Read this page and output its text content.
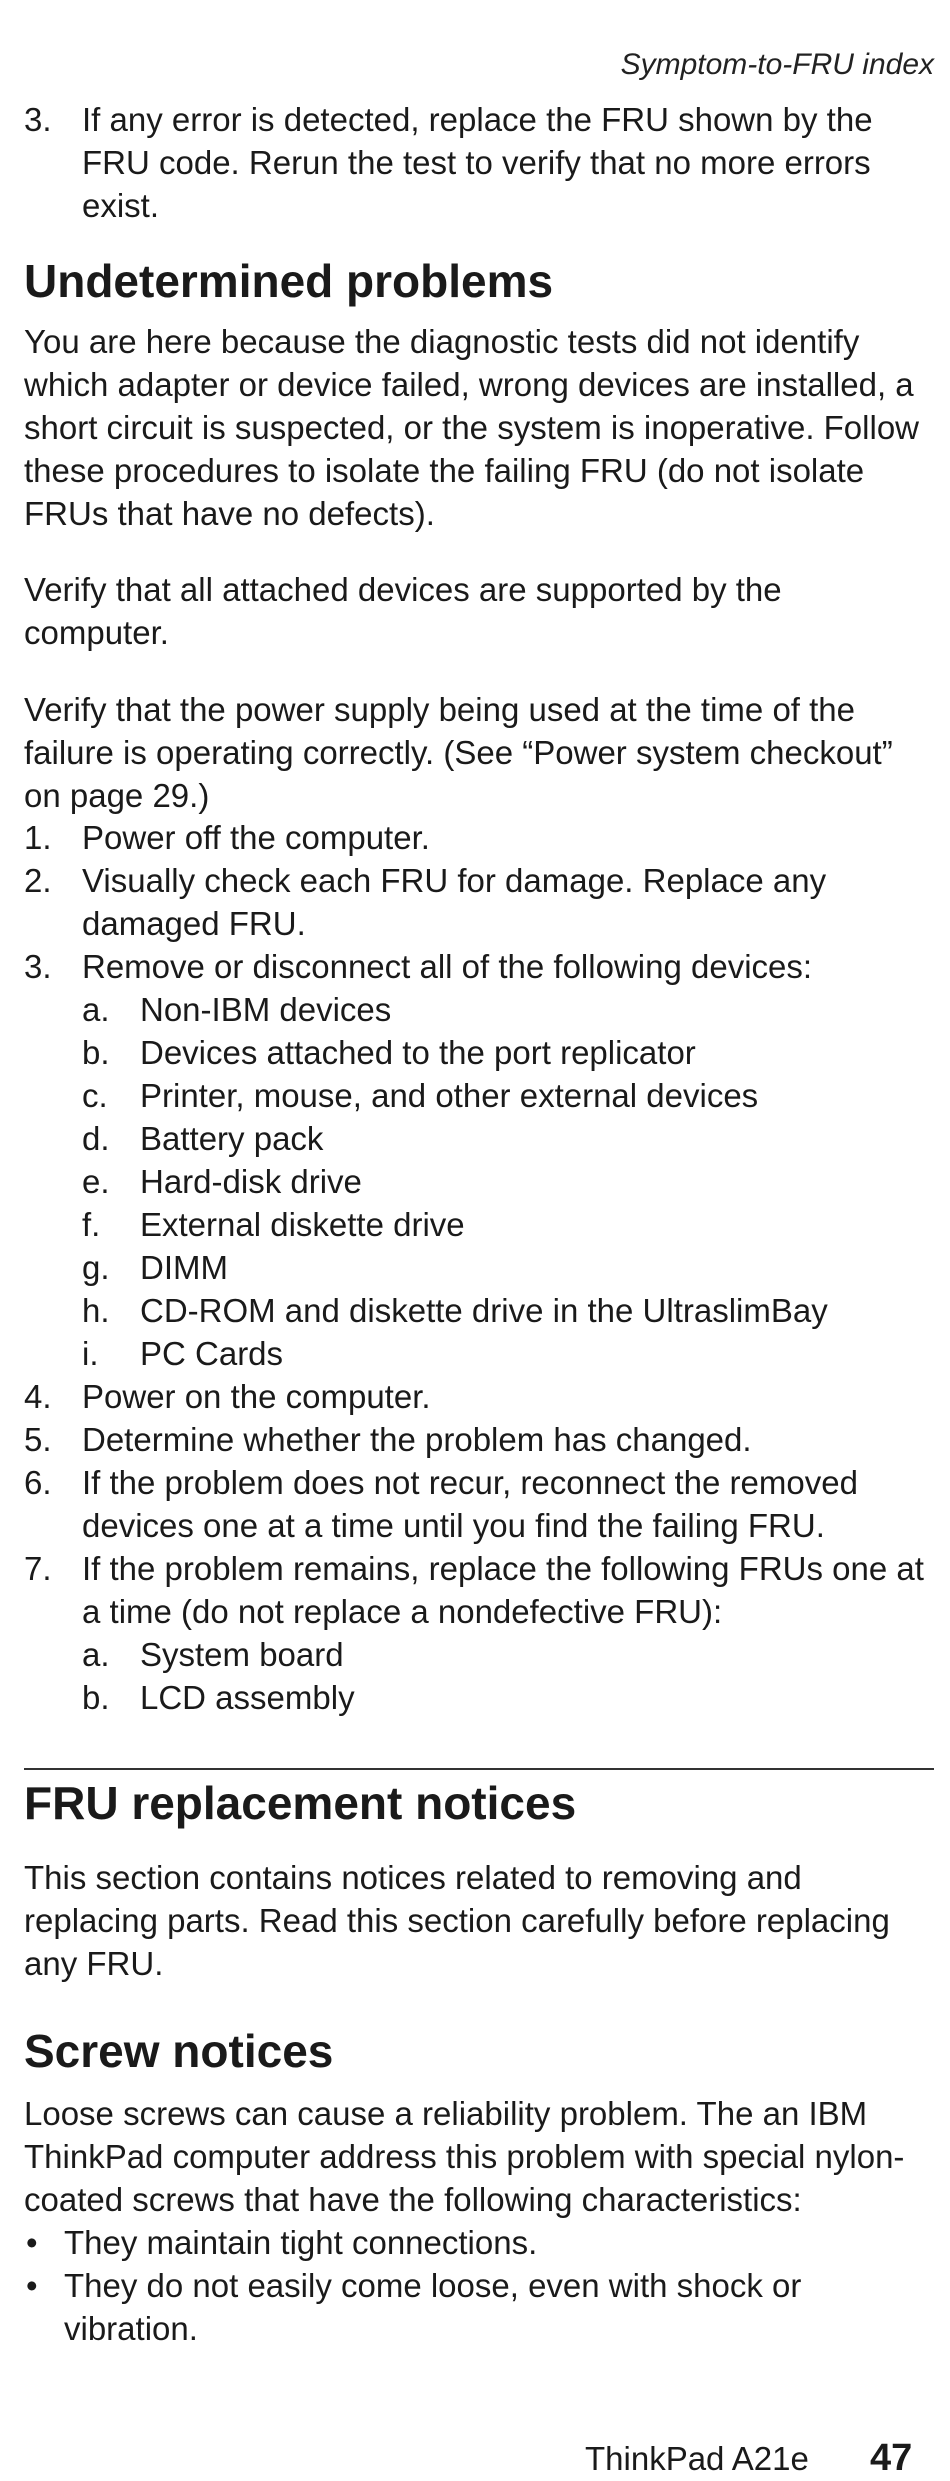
Symptom-to-FRU index
3. If any error is detected, replace the FRU shown by the FRU code. Rerun the test to verify that no more errors exist.
Undetermined problems

You are here because the diagnostic tests did not identify which adapter or device failed, wrong devices are installed, a short circuit is suspected, or the system is inoperative. Follow these procedures to isolate the failing FRU (do not isolate FRUs that have no defects).

Verify that all attached devices are supported by the computer.

Verify that the power supply being used at the time of the failure is operating correctly. (See “Power system checkout” on page 29.)

1. Power off the computer.
2. Visually check each FRU for damage. Replace any damaged FRU.
3. Remove or disconnect all of the following devices:
a. Non-IBM devices
b. Devices attached to the port replicator
c. Printer, mouse, and other external devices
d. Battery pack
e. Hard-disk drive
f. External diskette drive
g. DIMM
h. CD-ROM and diskette drive in the UltraslimBay
i. PC Cards
4. Power on the computer.
5. Determine whether the problem has changed.
6. If the problem does not recur, reconnect the removed devices one at a time until you find the failing FRU.
7. If the problem remains, replace the following FRUs one at a time (do not replace a nondefective FRU):
a. System board
b. LCD assembly
FRU replacement notices

This section contains notices related to removing and replacing parts. Read this section carefully before replacing any FRU.

Screw notices

Loose screws can cause a reliability problem. The an IBM ThinkPad computer address this problem with special nylon-coated screws that have the following characteristics:

• They maintain tight connections.
• They do not easily come loose, even with shock or vibration.
ThinkPad A21e 47
